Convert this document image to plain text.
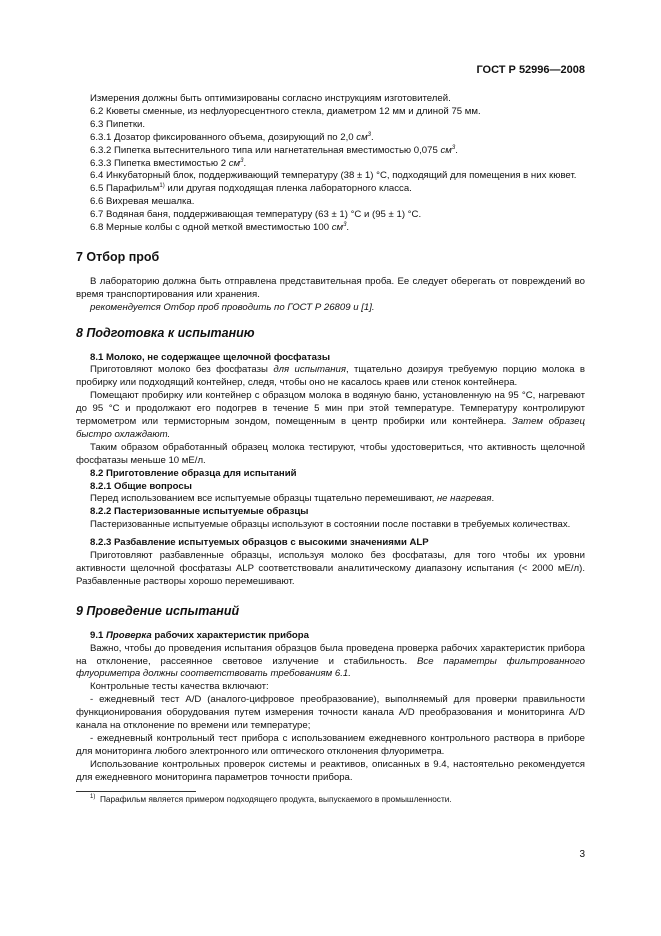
ГОСТ Р 52996—2008

Измерения должны быть оптимизированы согласно инструкциям изготовителей.

6.2 Кюветы сменные, из нефлуоресцентного стекла, диаметром 12 мм и длиной 75 мм.

6.3 Пипетки.

6.3.1 Дозатор фиксированного объема, дозирующий по 2,0 $см^3$.

6.3.2 Пипетка вытеснительного типа или нагнетательная вместимостью 0,075 $см^3$.

6.3.3 Пипетка вместимостью 2 $см^3$.

6.4 Инкубаторный блок, поддерживающий температуру (38 ± 1) °С, подходящий для помещения в них кювет.

6.5 Парафильм$^{1)}$ или другая подходящая пленка лабораторного класса.

6.6 Вихревая мешалка.

6.7 Водяная баня, поддерживающая температуру (63 ± 1) °С и (95 ± 1) °С.

6.8 Мерные колбы с одной меткой вместимостью 100 $см^3$.

7 Отбор проб

В лабораторию должна быть отправлена представительная проба. Ее следует оберегать от повреждений во время транспортирования или хранения.

рекомендуется Отбор проб проводить по ГОСТ Р 26809 и [1].

8 Подготовка к испытанию

8.1 Молоко, не содержащее щелочной фосфатазы

Приготовляют молоко без фосфатазы для испытания, тщательно дозируя требуемую порцию молока в пробирку или подходящий контейнер, следя, чтобы оно не касалось краев или стенок контейнера.

Помещают пробирку или контейнер с образцом молока в водяную баню, установленную на 95 °С, нагревают до 95 °С и продолжают его подогрев в течение 5 мин при этой температуре. Температуру контролируют термометром или термисторным зондом, помещенным в центр пробирки или контейнера. Затем образец быстро охлаждают.

Таким образом обработанный образец молока тестируют, чтобы удостовериться, что активность щелочной фосфатазы меньше 10 мЕ/л.

8.2 Приготовление образца для испытаний

8.2.1 Общие вопросы

Перед использованием все испытуемые образцы тщательно перемешивают, не нагревая.

8.2.2 Пастеризованные испытуемые образцы

Пастеризованные испытуемые образцы используют в состоянии после поставки в требуемых количествах.

8.2.3 Разбавление испытуемых образцов с высокими значениями ALP

Приготовляют разбавленные образцы, используя молоко без фосфатазы, для того чтобы их уровни активности щелочной фосфатазы ALP соответствовали аналитическому диапазону испытания (< 2000 мЕ/л). Разбавленные растворы хорошо перемешивают.

9 Проведение испытаний

9.1 Проверка рабочих характеристик прибора

Важно, чтобы до проведения испытания образцов была проведена проверка рабочих характеристик прибора на отклонение, рассеянное световое излучение и стабильность. Все параметры фильтрованного флуориметра должны соответствовать требованиям 6.1.

Контрольные тесты качества включают:

- ежедневный тест A/D (аналого-цифровое преобразование), выполняемый для проверки правильности функционирования оборудования путем измерения точности канала A/D преобразования и мониторинга A/D канала на отклонение по времени или температуре;

- ежедневный контрольный тест прибора с использованием ежедневного контрольного раствора в приборе для мониторинга любого электронного или оптического отклонения флуориметра.

Использование контрольных проверок системы и реактивов, описанных в 9.4, настоятельно рекомендуется для ежедневного мониторинга параметров точности прибора.

$^{1)}$ Парафильм является примером подходящего продукта, выпускаемого в промышленности.

3
